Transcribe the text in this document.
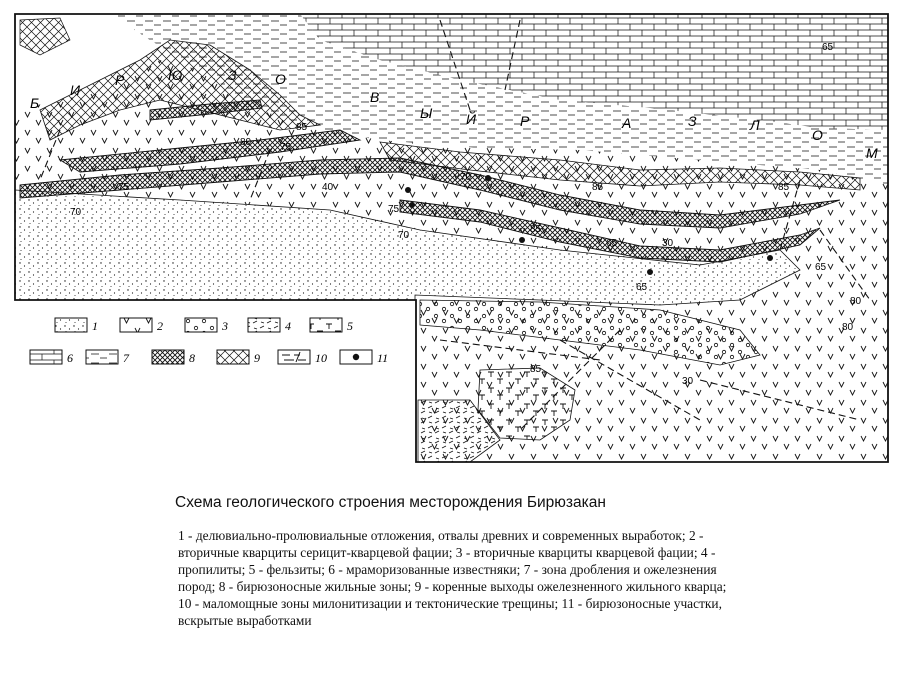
Б
И
Р	Ю	З	О
В
Ы Й	Р	А	З	Л
О
М
65
85
80	75
70
75	40
70
75
70
85
65
85
30
65
85
65
80
80
85
30
1	2	3	4	5
6	7	8	9	10	11
Схема геологического строения месторождения Бирюзакан
1 - делювиально-пролювиальные отложения, отвалы древних и современных выработок; 2 - вторичные кварциты серицит-кварцевой фации; 3 - вторичные кварциты кварцевой фации; 4 - пропилиты; 5 - фельзиты; 6 - мраморизованные известняки; 7 - зона дробления и ожелезнения пород; 8 - бирюзоносные жильные зоны; 9 - коренные выходы ожелезненного жильного кварца; 10 - маломощные зоны милонитизации и тектонические трещины; 11 - бирюзоносные участки, вскрытые выработками
